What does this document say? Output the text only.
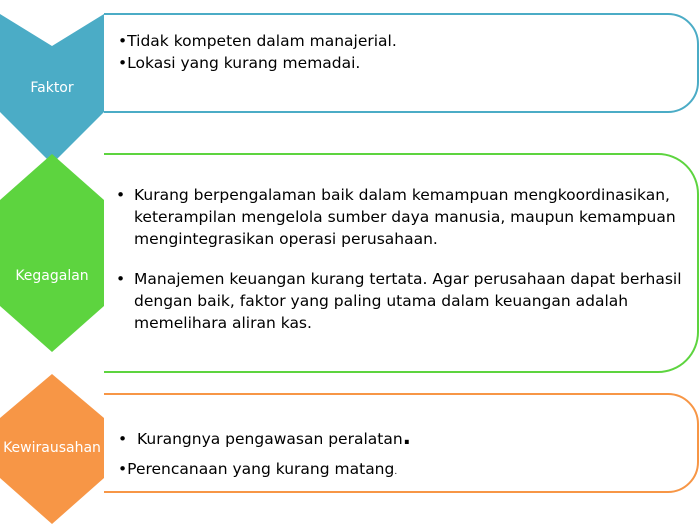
Faktor
Kegagalan
Kewirausahan
•Tidak kompeten dalam manajerial.
•Lokasi yang kurang memadai.
• Kurang berpengalaman baik dalam kemampuan mengkoordinasikan, keterampilan mengelola sumber daya manusia, maupun kemampuan mengintegrasikan operasi perusahaan.
• Manajemen keuangan kurang tertata. Agar perusahaan dapat berhasil dengan baik, faktor yang paling utama dalam keuangan adalah memelihara aliran kas.
•  Kurangnya pengawasan peralatan.
•Perencanaan yang kurang matang.
